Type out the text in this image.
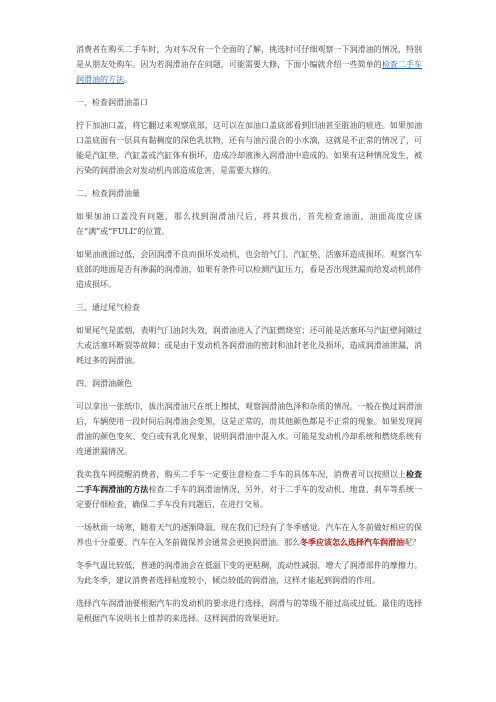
消费者在购买二手车时，为对车况有一个全面的了解，挑选时可仔细观察一下润滑油的情况，特别是从朋友处购车。因为若润滑油存在问题，可能需要大修，下面小编就介绍一些简单的检查二手车润滑油的方法。

一、检查润滑油盖口

拧下加油口盖，将它翻过来观察底部，这可以在加油口盖底部看到旧油甚至脏油的痕迹。如果加油口盖底面有一层具有黏稠度的深色乳状物，还有与油污混合的小水滴，这就是不正常的情况了，可能是汽缸垫、汽缸盖或汽缸体有损坏，造成冷却液渗入润滑油中造成的。如果有这种情况发生，被污染的润滑油会对发动机内部造成危害，是需要大修的。

二、检查润滑油量

如果加油口盖没有问题，那么找到润滑油尺后，将其拔出，首先检查油面，油面高度应该在“满”或“FULL”的位置。

如果油液面过低，会因润滑不良而损坏发动机，也会给气门、汽缸垫、活塞环造成损坏。观察汽车底部的地面是否有渗漏的润滑油，如果有条件可以检测汽缸压力，看是否出现泄漏而给发动机部件造成损坏。

三、通过尾气检查

如果尾气是蓝烟，表明气门油封失效，润滑油进入了汽缸燃烧室；还可能是活塞环与汽缸壁间隙过大或活塞环断裂等故障；或是由于发动机各润滑油的密封和油封老化及损坏，造成润滑油泄漏，消耗过多的润滑油。

四、润滑油颜色

可以拿出一张纸巾，拔出润滑油尺在纸上擦拭，观察润滑油色泽和杂质的情况。一般在换过润滑油后，车辆使用一段时间后润滑油会变黑，这是正常的，而其他颜色都是不正常的现象。如果发现润滑油的颜色变灰、变白或有乳化现象，说明润滑油中混入水。可能是发动机冷却系统和燃烧系统有连通泄漏情况。

我卖我车网提醒消费者，购买二手车一定要注意检查二手车的具体车况，消费者可以按照以上检查二手车润滑油的方法检查二手车的润滑油情况，另外，对于二手车的发动机、地盘、刹车等系统一定要仔细检查，确保二手车没有问题后，在进行交易。

一场秋雨一场寒，随着天气的逐渐降温，现在我们已经有了冬季感觉。汽车在入冬前做好相应的保养也十分重要。汽车在入冬前做保养会通常会更换润滑油。那么冬季应该怎么选择汽车润滑油呢？

冬季气温比较低，普通的润滑油会在低温下变的更粘稠，流动性减弱，增大了润滑部件的摩擦力。为此冬季，建议消费者选择粘度较小，倾点较低的润滑油，这样才能起到润滑的作用。

选择汽车润滑油要根据汽车的发动机的要求进行选择，润滑与的等级不能过高或过低。最佳的选择是根据汽车说明书上推荐的来选择。这样润滑的效果更好。
